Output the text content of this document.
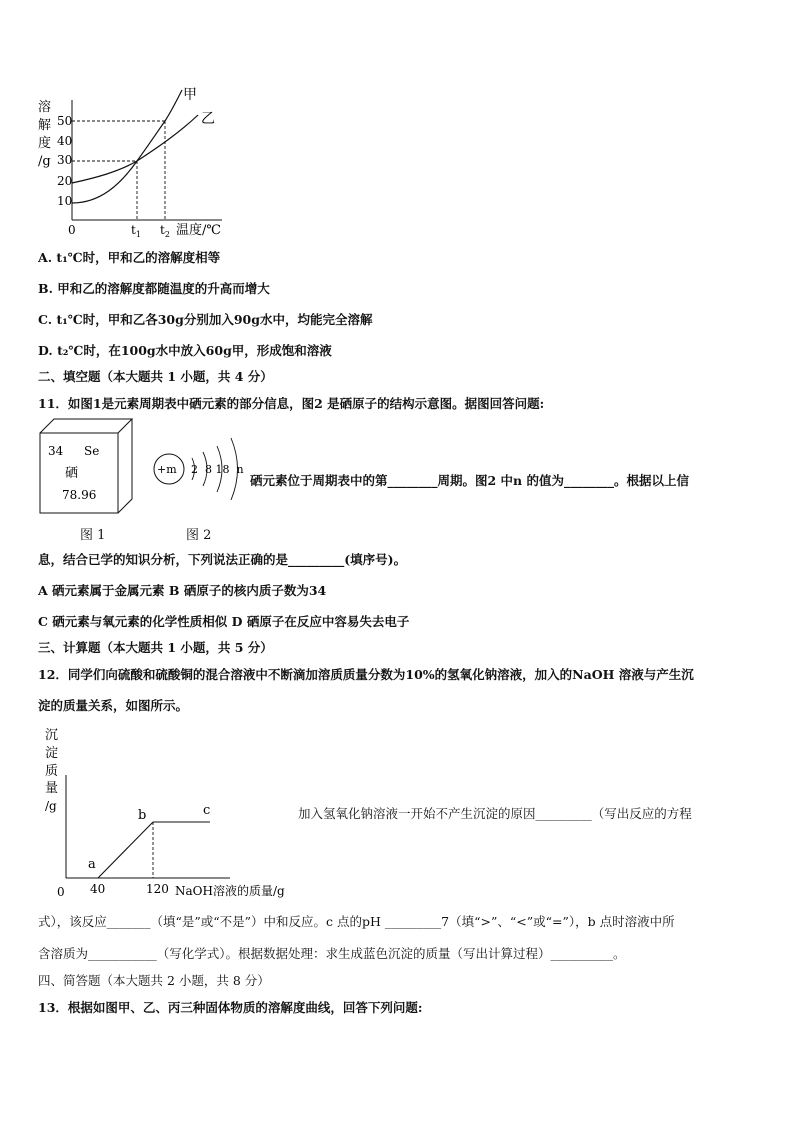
溶
解
度
/g
50
40
30
20
10
甲
乙
0	$t_1$ $t_2$ 温度/℃
A. t₁℃时，甲和乙的溶解度相等
B. 甲和乙的溶解度都随温度的升高而增大
C. t₁℃时，甲和乙各30g分别加入90g水中，均能完全溶解
D. t₂℃时，在100g水中放入60g甲，形成饱和溶液
二、填空题（本大题共 1 小题，共 4 分）
11．如图1是元素周期表中硒元素的部分信息，图2 是硒原子的结构示意图。据图回答问题:
34 Se
硒
78.96
+m 2  8 18  n
硒元素位于周期表中的第________周期。图2 中n 的值为________。根据以上信
图 1	图 2
息，结合已学的知识分析，下列说法正确的是_________(填序号)。
A 硒元素属于金属元素 B 硒原子的核内质子数为34
C 硒元素与氧元素的化学性质相似 D 硒原子在反应中容易失去电子
三、计算题（本大题共 1 小题，共 5 分）
12．同学们向硫酸和硫酸铜的混合溶液中不断滴加溶质质量分数为10%的氢氧化钠溶液，加入的NaOH 溶液与产生沉
淀的质量关系，如图所示。
沉
淀
质
量
/g
a
b	c
0 40	120 NaOH溶液的质量/g
加入氢氧化钠溶液一开始不产生沉淀的原因_________（写出反应的方程
式），该反应_______（填“是”或“不是”）中和反应。c 点的pH _________7（填“>”、“<”或“=”），b 点时溶液中所
含溶质为___________（写化学式）。根据数据处理：求生成蓝色沉淀的质量（写出计算过程）__________。
四、简答题（本大题共 2 小题，共 8 分）
13．根据如图甲、乙、丙三种固体物质的溶解度曲线，回答下列问题:
